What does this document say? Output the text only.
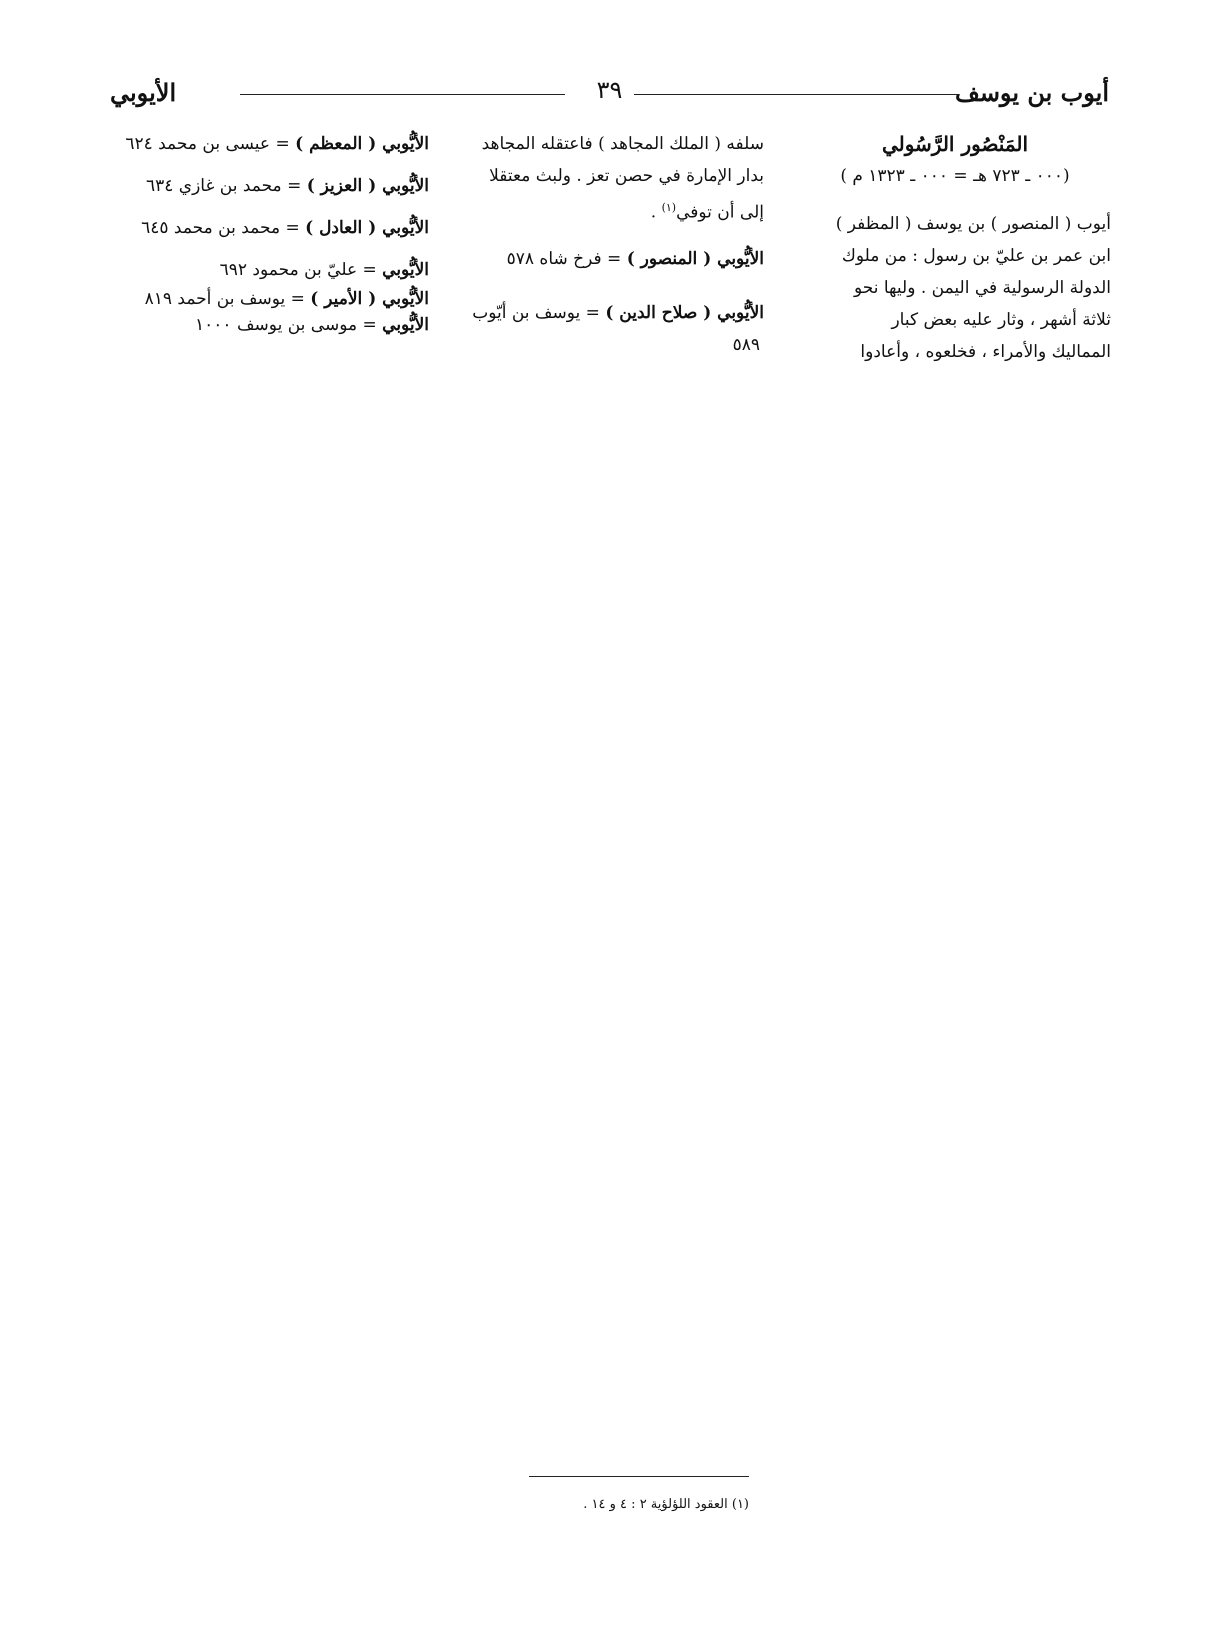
أيوب بن يوسف
٣٩
الأيوبي
المَنْصُور الرَّسُولي
(٠٠٠ ـ ٧٢٣ هـ = ٠٠٠ ـ ١٣٢٣ م )

أيوب ( المنصور ) بن يوسف ( المظفر )

ابن عمر بن عليّ بن رسول : من ملوك

الدولة الرسولية في اليمن . وليها نحو

ثلاثة أشهر ، وثار عليه بعض كبار

المماليك والأمراء ، فخلعوه ، وأعادوا

سلفه ( الملك المجاهد ) فاعتقله المجاهد

بدار الإمارة في حصن تعز . ولبث معتقلا

إلى أن توفي$^{(١)}$ .

الأيُّوبي ( المنصور ) = فرخ شاه ٥٧٨
الأيُّوبي ( صلاح الدين ) = يوسف بن أيّوب
٥٨٩
الأيُّوبي ( المعظم ) = عيسى بن محمد ٦٢٤
الأيُّوبي ( العزيز ) = محمد بن غازي ٦٣٤
الأيُّوبي ( العادل ) = محمد بن محمد ٦٤٥
الأيُّوبي = عليّ بن محمود ٦٩٢
الأيُّوبي ( الأمير ) = يوسف بن أحمد ٨١٩
الأيُّوبي = موسى بن يوسف ١٠٠٠
(١) العقود اللؤلؤية ٢ : ٤ و ١٤ .
